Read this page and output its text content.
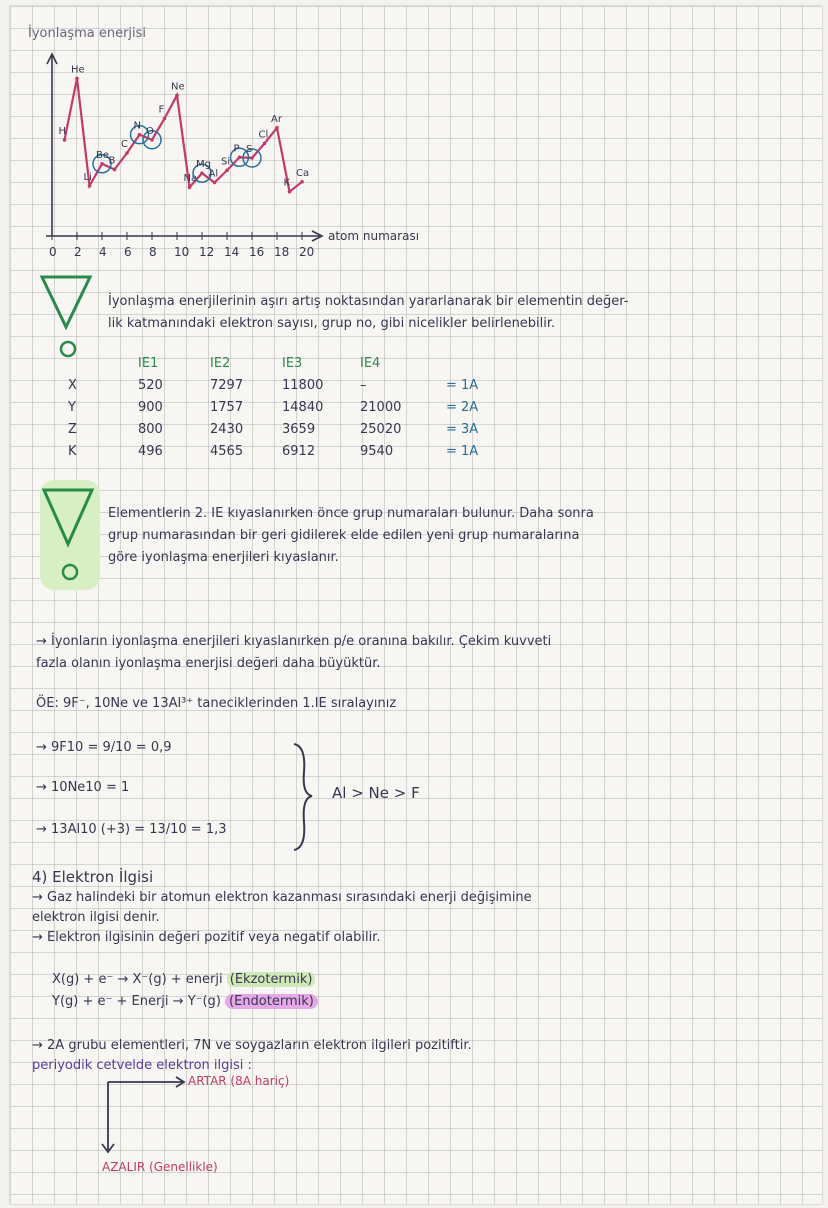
İyonlaşma enerjisi
atom numarası
0 2 4 6 8 10 12 14 16 18 20
H
He
Li
Be
B
C
N O
F
Ne
Na
Mg
Al
Si
P S
Cl
Ar
K
Ca
İyonlaşma enerjilerinin aşırı artış noktasından yararlanarak bir elementin değer-
lik katmanındaki elektron sayısı, grup no, gibi nicelikler belirlenebilir.
IE1	IE2	IE3	IE4
X	520	7297	11800	–	= 1A
Y	900	1757	14840	21000	= 2A
Z	800	2430	3659	25020	= 3A
K	496	4565	6912	9540	= 1A
Elementlerin 2. IE kıyaslanırken önce grup numaraları bulunur. Daha sonra
grup numarasından bir geri gidilerek elde edilen yeni grup numaralarına
göre iyonlaşma enerjileri kıyaslanır.
→ İyonların iyonlaşma enerjileri kıyaslanırken p/e oranına bakılır. Çekim kuvveti
fazla olanın iyonlaşma enerjisi değeri daha büyüktür.
ÖE: 9F⁻, 10Ne ve 13Al³⁺ taneciklerinden 1.IE sıralayınız
→ 9F10 = 9/10 = 0,9
→ 10Ne10 = 1
→ 13Al10 (+3) = 13/10 = 1,3
Al > Ne > F
4) Elektron İlgisi
→ Gaz halindeki bir atomun elektron kazanması sırasındaki enerji değişimine
elektron ilgisi denir.
→ Elektron ilgisinin değeri pozitif veya negatif olabilir.
X(g) + e⁻ → X⁻(g) + enerji (Ekzotermik)
Y(g) + e⁻ + Enerji → Y⁻(g) (Endotermik)
→ 2A grubu elementleri, 7N ve soygazların elektron ilgileri pozitiftir.
periyodik cetvelde elektron ilgisi :
ARTAR (8A hariç)
AZALIR (Genellikle)
